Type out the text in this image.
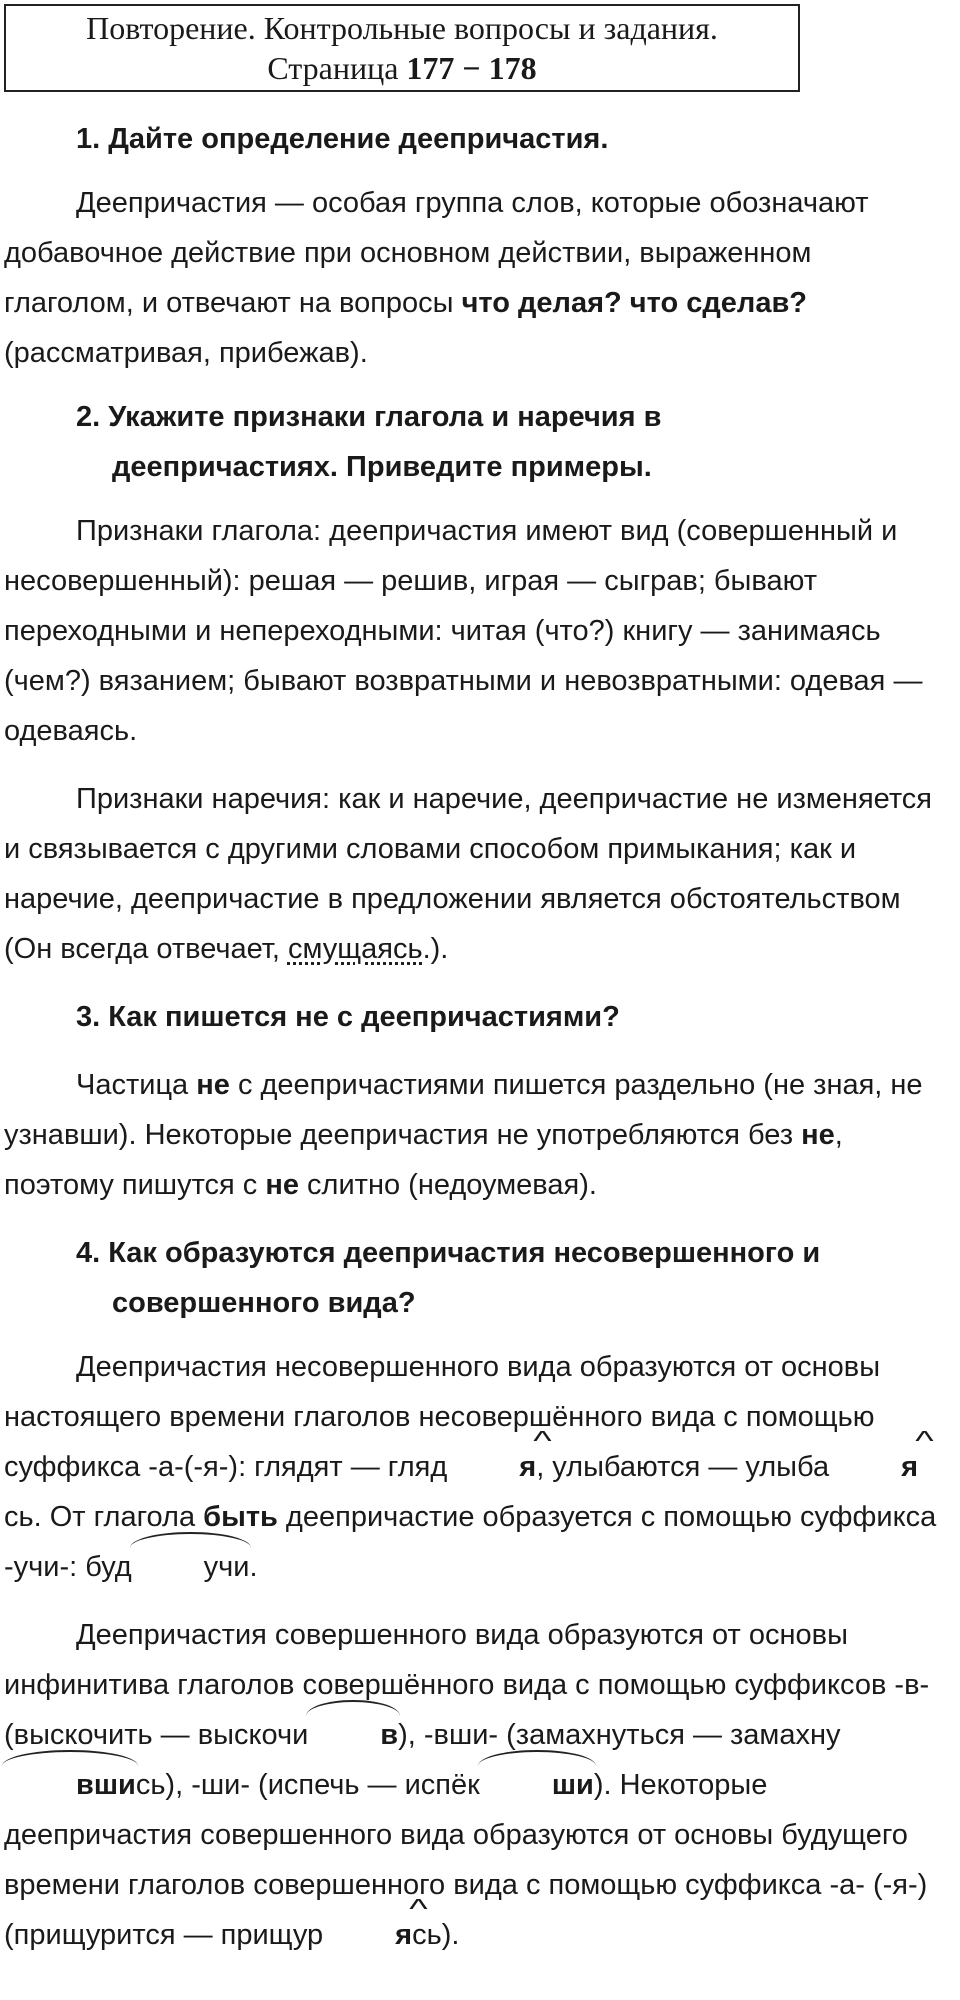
Повторение. Контрольные вопросы и задания.
Страница 177 − 178
1. Дайте определение деепричастия.

Деепричастия — особая группа слов, которые обозначают добавочное действие при основном действии, выраженном глаголом, и отвечают на вопросы что делая? что сделав? (рассматривая, прибежав).

2. Укажите признаки глагола и наречия в
деепричастиях. Приведите примеры.

Признаки глагола: деепричастия имеют вид (совершенный и несовершенный): решая — решив, играя — сыграв; бывают переходными и непереходными: читая (что?) книгу — занимаясь (чем?) вязанием; бывают возвратными и невозвратными: одевая — одеваясь.

Признаки наречия: как и наречие, деепричастие не изменяется и связывается с другими словами способом примыкания; как и наречие, деепричастие в предложении является обстоятельством (Он всегда отвечает, смущаясь.).

3. Как пишется не с деепричастиями?

Частица не с деепричастиями пишется раздельно (не зная, не узнавши). Некоторые деепричастия не употребляются без не, поэтому пишутся с не слитно (недоумевая).

4. Как образуются деепричастия несовершенного и
совершенного вида?

Деепричастия несовершенного вида образуются от основы настоящего времени глаголов несовершённого вида с помощью суффикса -а-(-я-): глядят — гляд ^ я, улыбаются — улыба ^ ясь. От глагола быть деепричастие образуется с помощью суффикса -учи-: буд учи.

Деепричастия совершенного вида образуются от основы инфинитива глаголов совершённого вида с помощью суффиксов -в- (выскочить — выскочи в), -вши- (замахнуться — замахнувшись), -ши- (испечь — испёк ши). Некоторые деепричастия совершенного вида образуются от основы будущего времени глаголов совершенного вида с помощью суффикса -а- (-я-) (прищурится — прищур ^ ясь).
